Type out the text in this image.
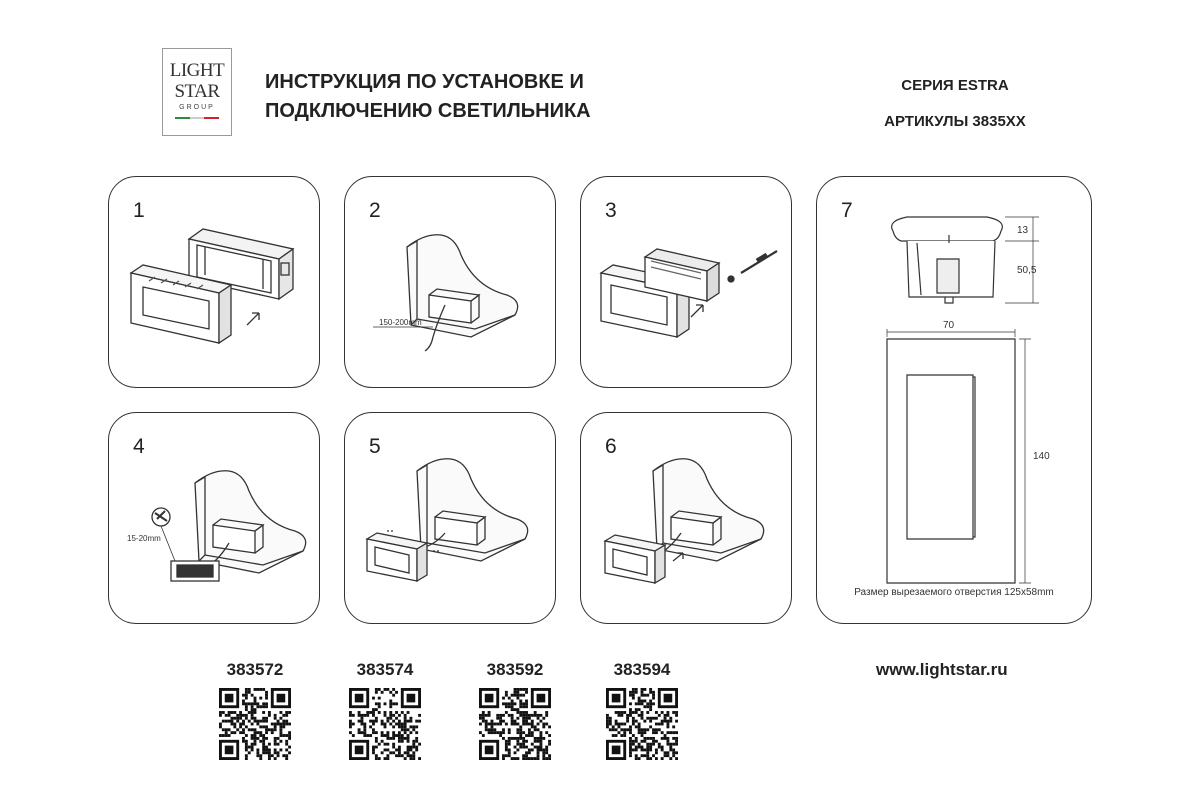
LIGHT
STAR
GROUP
ИНСТРУКЦИЯ ПО УСТАНОВКЕ И
ПОДКЛЮЧЕНИЮ СВЕТИЛЬНИКА
СЕРИЯ ESTRA
АРТИКУЛЫ 3835XX
1	2
150-200mm
3
4
15-20mm
5	6
7
13
50,5
70
140
Размер вырезаемого отверстия 125x58mm
383572	383574	383592	383594	www.lightstar.ru
